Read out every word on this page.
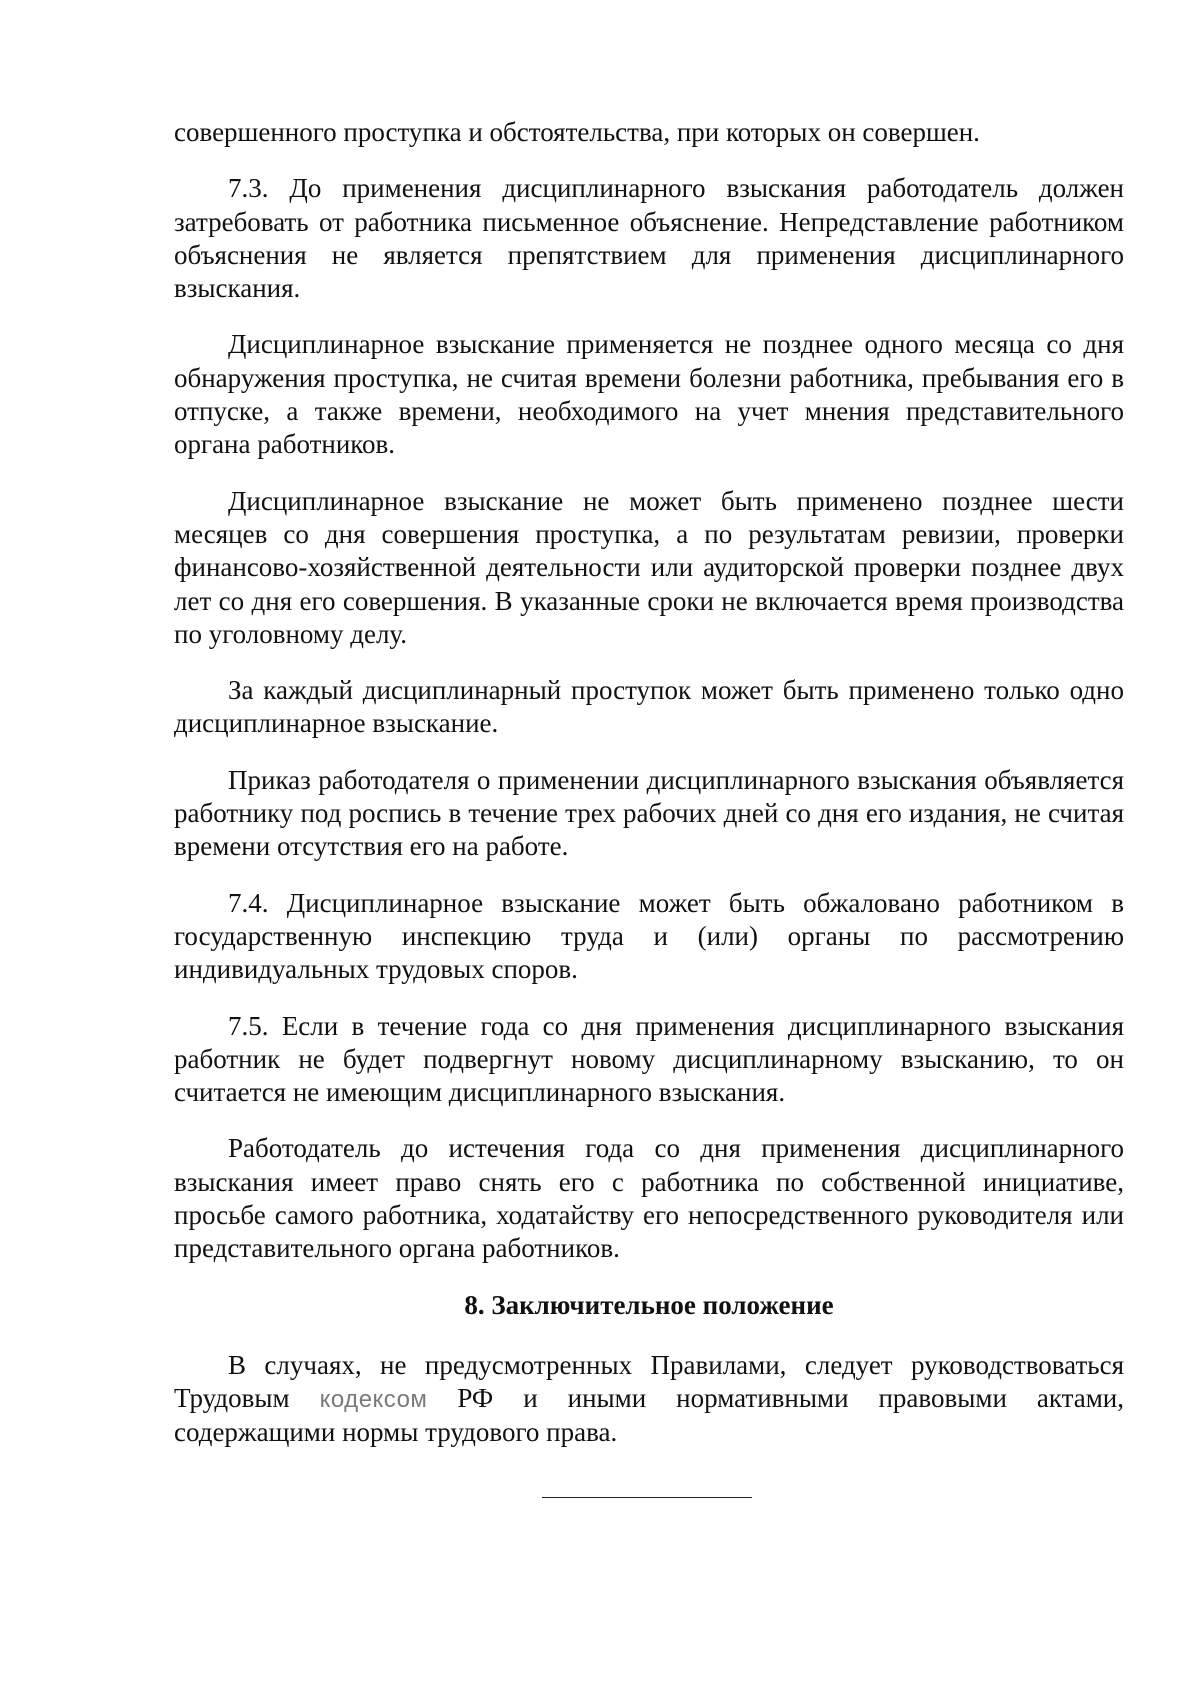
совершенного проступка и обстоятельства, при которых он совершен.

7.3. До применения дисциплинарного взыскания работодатель должен затребовать от работника письменное объяснение. Непредставление работником объяснения не является препятствием для применения дисциплинарного взыскания.

Дисциплинарное взыскание применяется не позднее одного месяца со дня обнаружения проступка, не считая времени болезни работника, пребывания его в отпуске, а также времени, необходимого на учет мнения представительного органа работников.

Дисциплинарное взыскание не может быть применено позднее шести месяцев со дня совершения проступка, а по результатам ревизии, проверки финансово-хозяйственной деятельности или аудиторской проверки позднее двух лет со дня его совершения. В указанные сроки не включается время производства по уголовному делу.

За каждый дисциплинарный проступок может быть применено только одно дисциплинарное взыскание.

Приказ работодателя о применении дисциплинарного взыскания объявляется работнику под роспись в течение трех рабочих дней со дня его издания, не считая времени отсутствия его на работе.

7.4. Дисциплинарное взыскание может быть обжаловано работником в государственную инспекцию труда и (или) органы по рассмотрению индивидуальных трудовых споров.

7.5. Если в течение года со дня применения дисциплинарного взыскания работник не будет подвергнут новому дисциплинарному взысканию, то он считается не имеющим дисциплинарного взыскания.

Работодатель до истечения года со дня применения дисциплинарного взыскания имеет право снять его с работника по собственной инициативе, просьбе самого работника, ходатайству его непосредственного руководителя или представительного органа работников.

8. Заключительное положение

В случаях, не предусмотренных Правилами, следует руководствоваться Трудовым кодексом РФ и иными нормативными правовыми актами, содержащими нормы трудового права.
